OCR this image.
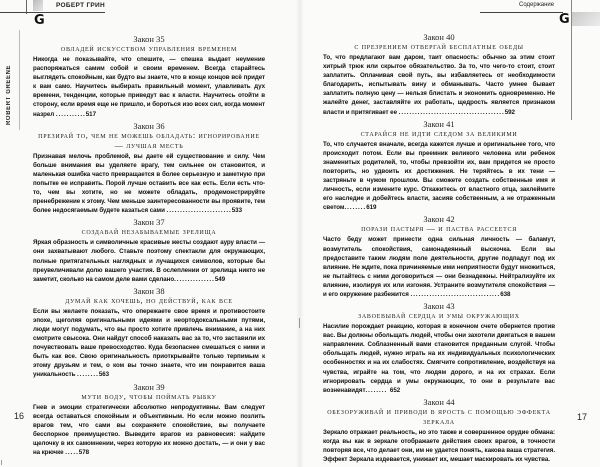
РОБЕРТ ГРИН
G
ROBERT GREENE
Содержание
G
Закон 35
овладей искусством управления временем
Никогда не показывайте, что спешите, — спешка выдает неумение распоряжаться самим собой и своим временем. Всегда старайтесь выглядеть спокойным, как будто вы знаете, что в конце концов всё придет к вам само. Научитесь выбирать правильный момент, улавливать дух времени, тенденции, которые приведут вас к власти. Научитесь отойти в сторону, если время еще не пришло, и бороться изо всех сил, когда момент назрел ...........517
Закон 36
презирай то, чем не можешь обладать: игнорирование — лучшая месть
Признавая мелочь проблемой, вы даете ей существование и силу. Чем больше внимания вы уделяете врагу, тем сильнее он становится, и маленькая ошибка часто превращается в более серьезную и заметную при попытке ее исправить. Порой лучше оставить все как есть. Если есть что-то, чем вы хотите, но не можете обладать, продемонстрируйте пренебрежение к этому. Чем меньше заинтересованности вы проявите, тем более недосягаемым будете казаться сами ........................533
Закон 37
создавай незабываемые зрелища
Яркая образность и символичные красивые жесты создают ауру власти — они захватывают любого. Ставьте поэтому спектакли для окружающих, полные притягательных наглядных и лучащихся символов, которые бы преувеличивали долю вашего участия. В ослеплении от зрелища никто не заметит, сколько на самом деле вами сделано...............549
Закон 38
думай как хочешь, но действуй, как все
Если вы желаете показать, что опережаете свое время и противостоите эпохе, щеголяя оригинальными идеями и неортодоксальными путями, люди могут подумать, что вы просто хотите привлечь внимание, а на них смотрите свысока. Они найдут способ наказать вас за то, что заставили их почувствовать ваше превосходство. Куда безопаснее смешаться с ними и быть как все. Свою оригинальность приоткрывайте только терпимым к этому друзьям и тем, о ком вы точно знаете, что им понравится ваша уникальность ........563
Закон 39
мути воду, чтобы поймать рыбку
Гнев и эмоции стратегически абсолютно непродуктивны. Вам следует всегда оставаться спокойным и объективным. Но если можно позлить врагов тем, что сами вы сохраняете спокойствие, вы получаете бесспорное преимущество. Выведите врагов из равновесия: найдите щелочку в их самомнении, через которую их можно достать, — и они у вас на крючке .....578
Закон 40
с презрением отвергай бесплатные обеды
То, что предлагают вам даром, таит опасность: обычно за этим стоит хитрый трюк или скрытое обязательство. За то, что чего-то стоит, стоит заплатить. Оплачивая свой путь, вы избавляетесь от необходимости благодарить, испытывать вину и обманывать. Часто умнее бывает заплатить полную цену — нельзя блистать и экономить одновременно. Не жалейте денег, заставляйте их работать, щедрость является признаком власти и притягивает ее .......................................592
Закон 41
старайся не идти следом за великими
То, что случается вначале, всегда кажется лучше и оригинальнее того, что происходит потом. Если вы преемник великого человека или ребенок знаменитых родителей, то, чтобы превзойти их, вам придется не просто повторить, но удвоить их достижения. Не теряйтесь в их тени — застряньте в чужом прошлом. Вы сможете создать собственные имя и личность, если измените курс. Откажитесь от властного отца, заклеймите его наследие и добейтесь власти, засияв собственным, а не отраженным светом........619
Закон 42
порази пастыря — и паства рассеется
Часто беду может принести одна сильная личность — баламут, возмутитель спокойствия, самонадеянный выскочка. Если вы предоставите таким людям поле деятельности, другие подпадут под их влияние. Не ждите, пока причиняемые ими неприятности будут множиться, не пытайтесь с ними договориться — они безнадежны. Нейтрализуйте их влияние, изолируя их или изгоняя. Устраните возмутителя спокойствия — и его окружение разбежится .................................638
Закон 43
завоевывай сердца и умы окружающих
Насилие порождает реакцию, которая в конечном счете обернется против вас. Вы должны обольщать людей, чтобы они захотели двигаться в вашем направлении. Соблазненный вами становится преданным слугой. Чтобы обольщать людей, нужно играть на их индивидуальных психологических особенностях и на их слабостях. Смягчите сопротивление, воздействуя на чувства, играйте на том, что людям дорого, и на их страхах. Если игнорировать сердца и умы окружающих, то они в результате вас возненавидят........ 652
Закон 44
обезоруживай и приводи в ярость с помощью эффекта зеркала
Зеркало отражает реальность, но это также и совершенное орудие обмана: когда вы как в зеркале отображаете действия своих врагов, в точности повторяя все, что делает они, им не удается понять, какова ваша стратегия. Эффект Зеркала издевается, унижает их, мешает маскировать их чувства.
16	17
